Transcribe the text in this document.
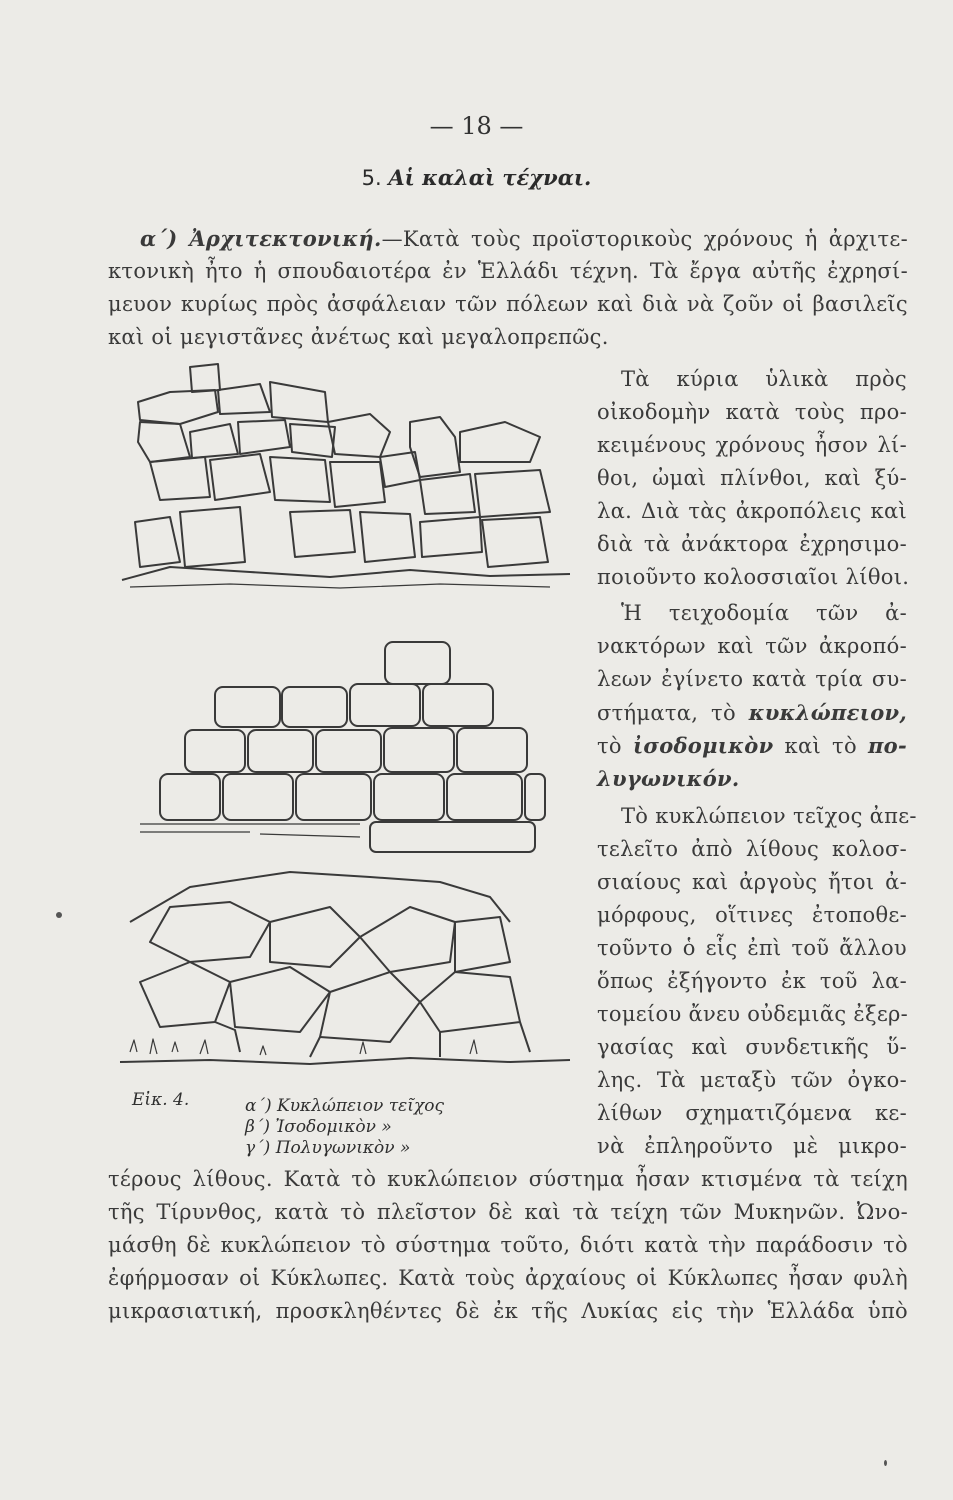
— 18 —
5. Αἱ καλαὶ τέχναι.
α΄) Ἀρχιτεκτονική.—Κατὰ τοὺς προϊστορικοὺς χρόνους ἡ ἀρχιτε-
κτονικὴ ἦτο ἡ σπουδαιοτέρα ἐν Ἑλλάδι τέχνη. Τὰ ἔργα αὐτῆς ἐχρησί-
μευον κυρίως πρὸς ἀσφάλειαν τῶν πόλεων καὶ διὰ νὰ ζοῦν οἱ βασιλεῖς
καὶ οἱ μεγιστᾶνες ἀνέτως καὶ μεγαλοπρεπῶς.
Τὰ κύρια ὑλικὰ πρὸς
οἰκοδομὴν κατὰ τοὺς προ-
κειμένους χρόνους ἦσον λί-
θοι, ὠμαὶ πλίνθοι, καὶ ξύ-
λα. Διὰ τὰς ἀκροπόλεις καὶ
διὰ τὰ ἀνάκτορα ἐχρησιμο-
ποιοῦντο κολοσσιαῖοι λίθοι.
Ἡ τειχοδομία τῶν ἀ-
νακτόρων καὶ τῶν ἀκροπό-
λεων ἐγίνετο κατὰ τρία συ-
στήματα, τὸ κυκλώπειον,
τὸ ἰσοδομικὸν καὶ τὸ πο-
λυγωνικόν.
Τὸ κυκλώπειον τεῖχος ἀπε-
τελεῖτο ἀπὸ λίθους κολοσ-
σιαίους καὶ ἀργοὺς ἤτοι ἀ-
μόρφους, οἵτινες ἐτοποθε-
τοῦντο ὁ εἷς ἐπὶ τοῦ ἄλλου
ὅπως ἐξήγοντο ἐκ τοῦ λα-
τομείου ἄνευ οὐδεμιᾶς ἐξερ-
γασίας καὶ συνδετικῆς ὕ-
λης. Τὰ μεταξὺ τῶν ὀγκο-
λίθων σχηματιζόμενα κε-
νὰ ἐπληροῦντο μὲ μικρο-
Εἰκ. 4.	α΄) Κυκλώπειον τεῖχος
β΄) Ἰσοδομικὸν »
γ΄) Πολυγωνικὸν »
τέρους λίθους. Κατὰ τὸ κυκλώπειον σύστημα ἦσαν κτισμένα τὰ τείχη
τῆς Τίρυνθος, κατὰ τὸ πλεῖστον δὲ καὶ τὰ τείχη τῶν Μυκηνῶν. Ὠνο-
μάσθη δὲ κυκλώπειον τὸ σύστημα τοῦτο, διότι κατὰ τὴν παράδοσιν τὸ
ἐφήρμοσαν οἱ Κύκλωπες. Κατὰ τοὺς ἀρχαίους οἱ Κύκλωπες ἦσαν φυλὴ
μικρασιατική, προσκληθέντες δὲ ἐκ τῆς Λυκίας εἰς τὴν Ἑλλάδα ὑπὸ
